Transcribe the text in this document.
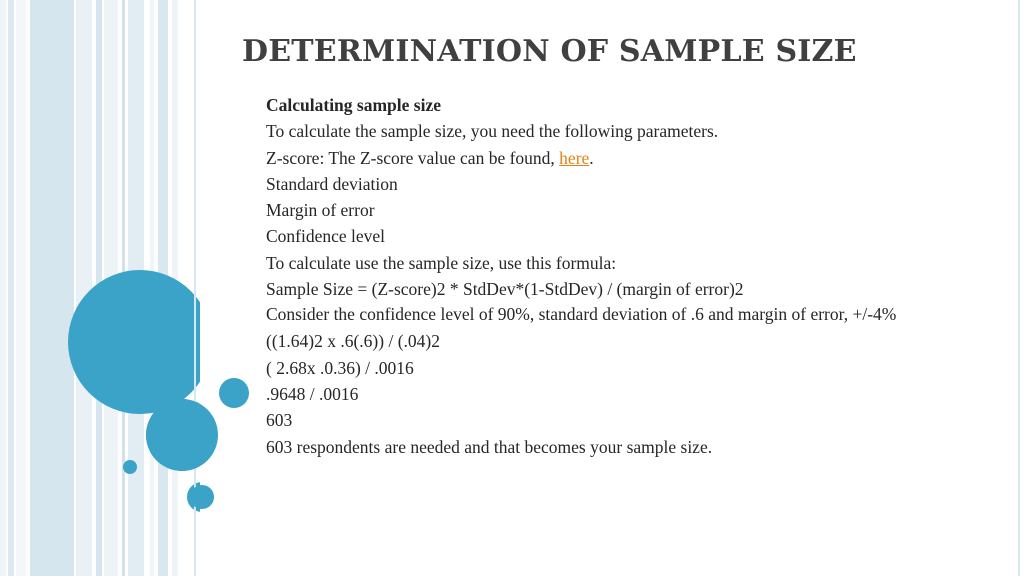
DETERMINATION OF SAMPLE SIZE
Calculating sample size
To calculate the sample size, you need the following parameters.
Z-score: The Z-score value can be found, here.
Standard deviation
Margin of error
Confidence level
To calculate use the sample size, use this formula:
Sample Size = (Z-score)2 * StdDev*(1-StdDev) / (margin of error)2
Consider the confidence level of 90%, standard deviation of .6 and margin of error, +/-4%
((1.64)2 x .6(.6)) / (.04)2
( 2.68x .0.36) / .0016
.9648 / .0016
603
603 respondents are needed and that becomes your sample size.
